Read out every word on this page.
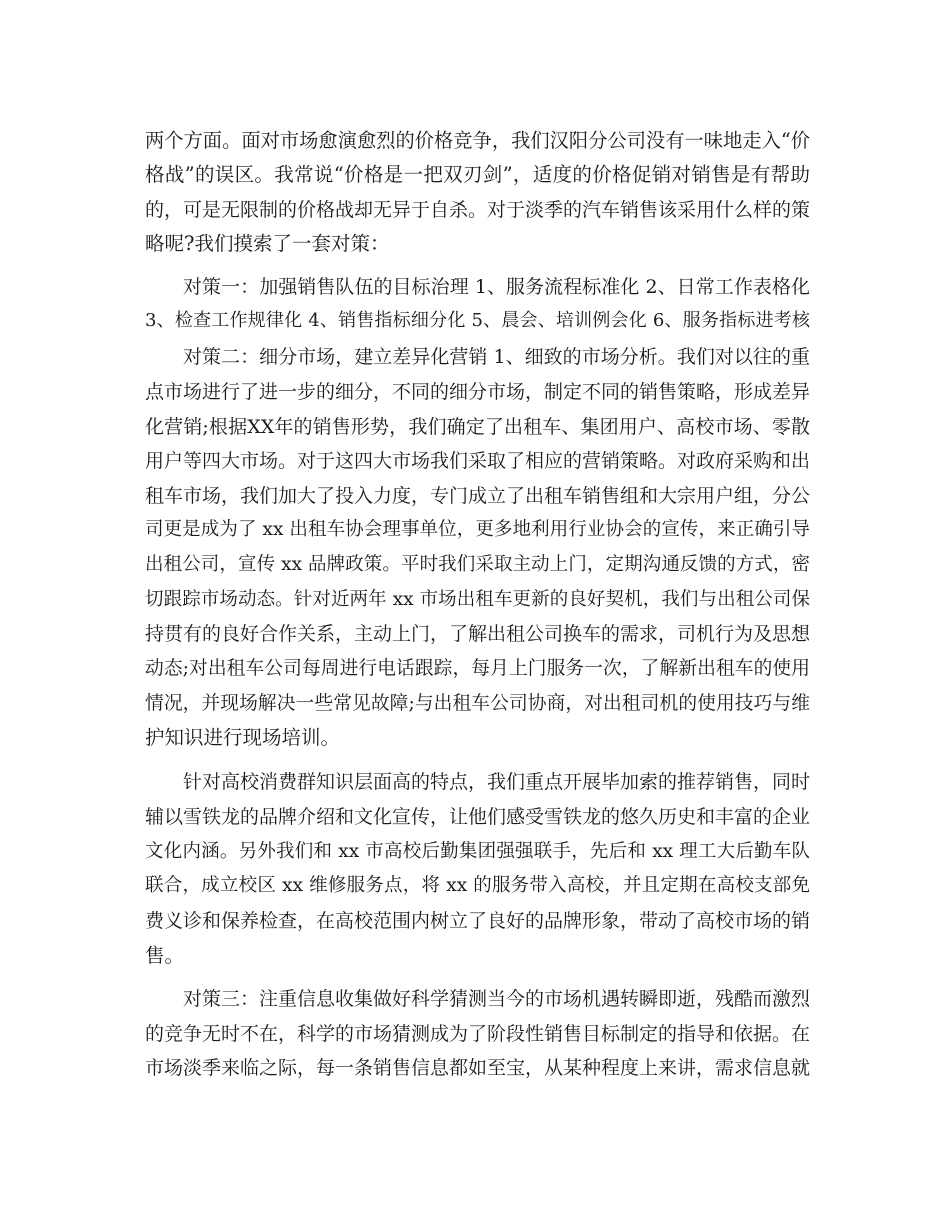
两个方面。面对市场愈演愈烈的价格竞争，我们汉阳分公司没有一味地走入“价
格战”的误区。我常说“价格是一把双刃剑”，适度的价格促销对销售是有帮助
的，可是无限制的价格战却无异于自杀。对于淡季的汽车销售该采用什么样的策
略呢?我们摸索了一套对策：
对策一：加强销售队伍的目标治理 1、服务流程标准化 2、日常工作表格化
3、检查工作规律化 4、销售指标细分化 5、晨会、培训例会化 6、服务指标进考核
对策二：细分市场，建立差异化营销 1、细致的市场分析。我们对以往的重
点市场进行了进一步的细分，不同的细分市场，制定不同的销售策略，形成差异
化营销;根据XX年的销售形势，我们确定了出租车、集团用户、高校市场、零散
用户等四大市场。对于这四大市场我们采取了相应的营销策略。对政府采购和出
租车市场，我们加大了投入力度，专门成立了出租车销售组和大宗用户组，分公
司更是成为了 xx 出租车协会理事单位，更多地利用行业协会的宣传，来正确引导
出租公司，宣传 xx 品牌政策。平时我们采取主动上门，定期沟通反馈的方式，密
切跟踪市场动态。针对近两年 xx 市场出租车更新的良好契机，我们与出租公司保
持贯有的良好合作关系，主动上门，了解出租公司换车的需求，司机行为及思想
动态;对出租车公司每周进行电话跟踪，每月上门服务一次，了解新出租车的使用
情况，并现场解决一些常见故障;与出租车公司协商，对出租司机的使用技巧与维
护知识进行现场培训。
针对高校消费群知识层面高的特点，我们重点开展毕加索的推荐销售，同时
辅以雪铁龙的品牌介绍和文化宣传，让他们感受雪铁龙的悠久历史和丰富的企业
文化内涵。另外我们和 xx 市高校后勤集团强强联手，先后和 xx 理工大后勤车队
联合，成立校区 xx 维修服务点，将 xx 的服务带入高校，并且定期在高校支部免
费义诊和保养检查，在高校范围内树立了良好的品牌形象，带动了高校市场的销
售。
对策三：注重信息收集做好科学猜测当今的市场机遇转瞬即逝，残酷而激烈
的竞争无时不在，科学的市场猜测成为了阶段性销售目标制定的指导和依据。在
市场淡季来临之际，每一条销售信息都如至宝，从某种程度上来讲，需求信息就
